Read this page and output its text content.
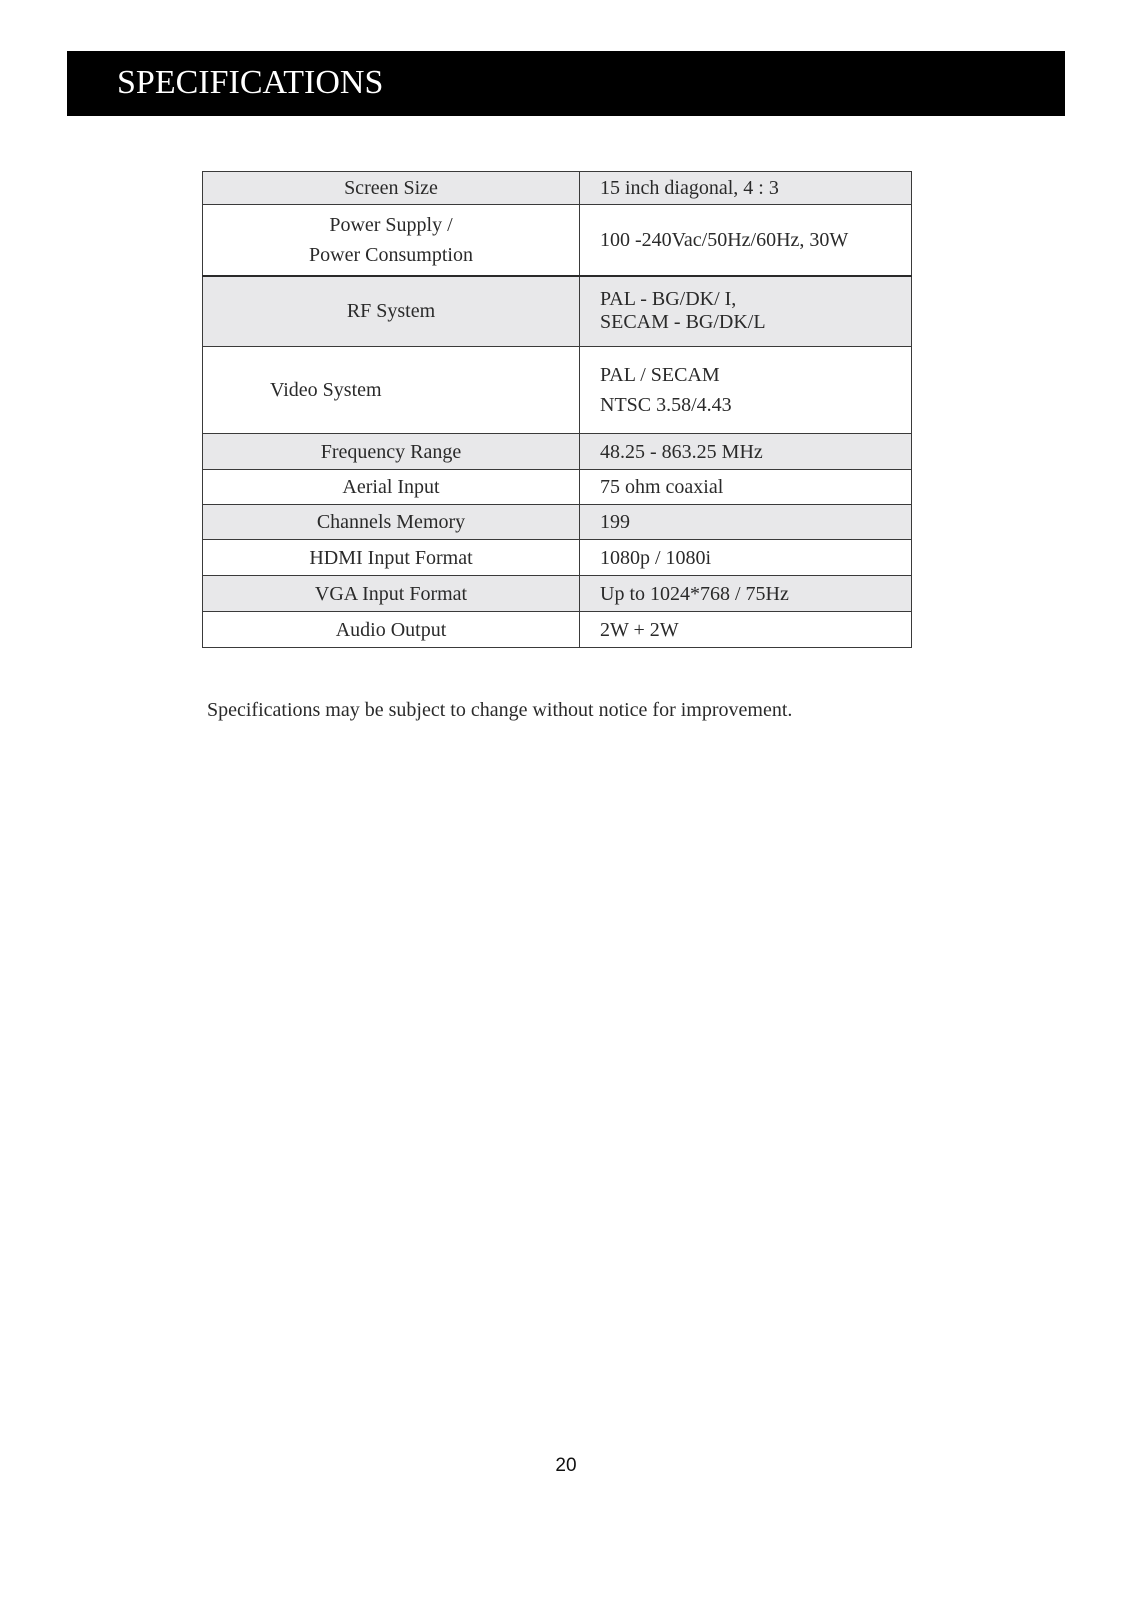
SPECIFICATIONS
Screen Size	15 inch diagonal, 4 : 3

Power Supply /
Power Consumption	100 -240Vac/50Hz/60Hz, 30W

RF System	PAL - BG/DK/ I,
SECAM - BG/DK/L

Video System	PAL / SECAM
NTSC 3.58/4.43

Frequency Range	48.25 - 863.25 MHz

Aerial Input	75 ohm coaxial

Channels Memory	199

HDMI Input Format	1080p / 1080i

VGA Input Format	Up to 1024*768 / 75Hz

Audio Output	2W + 2W

Specifications may be subject to change without notice for improvement.

20
